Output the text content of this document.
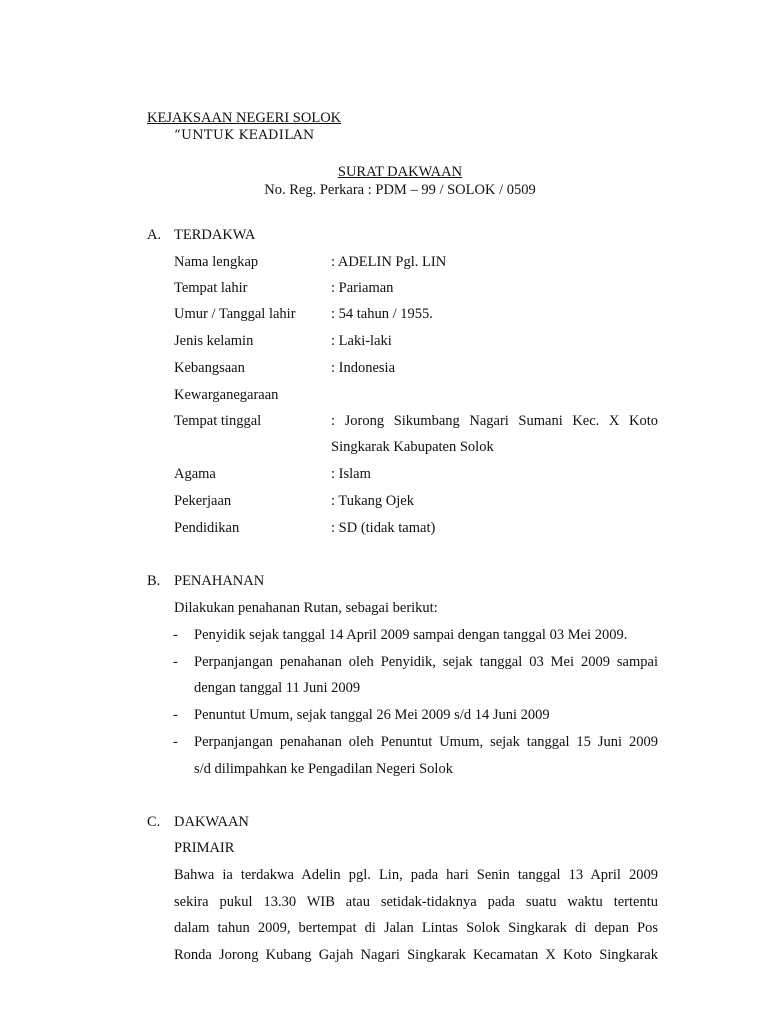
KEJAKSAAN NEGERI SOLOK
“UNTUK KEADILAN
SURAT DAKWAAN
No. Reg. Perkara : PDM – 99 / SOLOK / 0509
A. TERDAKWA
Nama lengkap	: ADELIN Pgl. LIN
Tempat lahir	: Pariaman
Umur / Tanggal lahir : 54 tahun / 1955.
Jenis kelamin	: Laki-laki
Kebangsaan	: Indonesia
Kewarganegaraan
Tempat tinggal	: Jorong Sikumbang Nagari Sumani Kec. X Koto
Singkarak Kabupaten Solok
Agama	: Islam
Pekerjaan	: Tukang Ojek
Pendidikan	: SD (tidak tamat)
B. PENAHANAN
Dilakukan penahanan Rutan, sebagai berikut:
- Penyidik sejak tanggal 14 April 2009 sampai dengan tanggal 03 Mei 2009.
- Perpanjangan penahanan oleh Penyidik, sejak tanggal 03 Mei 2009 sampai
dengan tanggal 11 Juni 2009
- Penuntut Umum, sejak tanggal 26 Mei 2009 s/d 14 Juni 2009
- Perpanjangan penahanan oleh Penuntut Umum, sejak tanggal 15 Juni 2009
s/d dilimpahkan ke Pengadilan Negeri Solok
C. DAKWAAN
PRIMAIR
Bahwa ia terdakwa Adelin pgl. Lin, pada hari Senin tanggal 13 April 2009
sekira pukul 13.30 WIB atau setidak-tidaknya pada suatu waktu tertentu
dalam tahun 2009, bertempat di Jalan Lintas Solok Singkarak di depan Pos
Ronda Jorong Kubang Gajah Nagari Singkarak Kecamatan X Koto Singkarak
